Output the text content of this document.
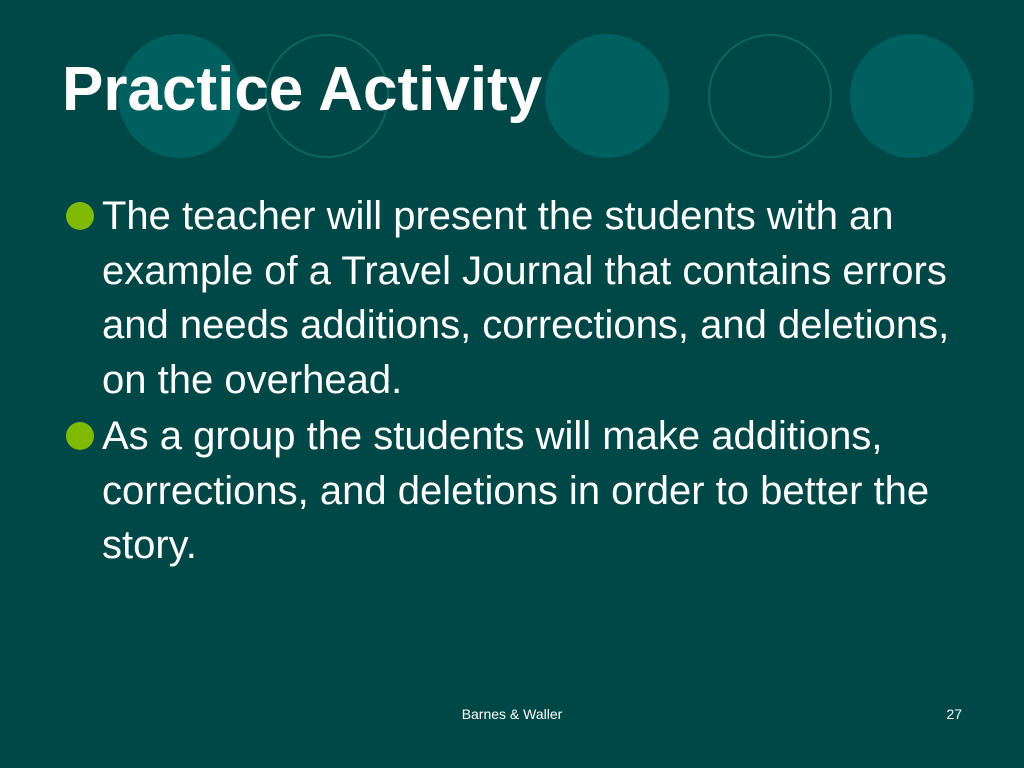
Practice Activity
The teacher will present the students with an example of a Travel Journal that contains errors and needs additions, corrections, and deletions, on the overhead.
As a group the students will make additions, corrections, and deletions in order to better the story.
Barnes & Waller	27
